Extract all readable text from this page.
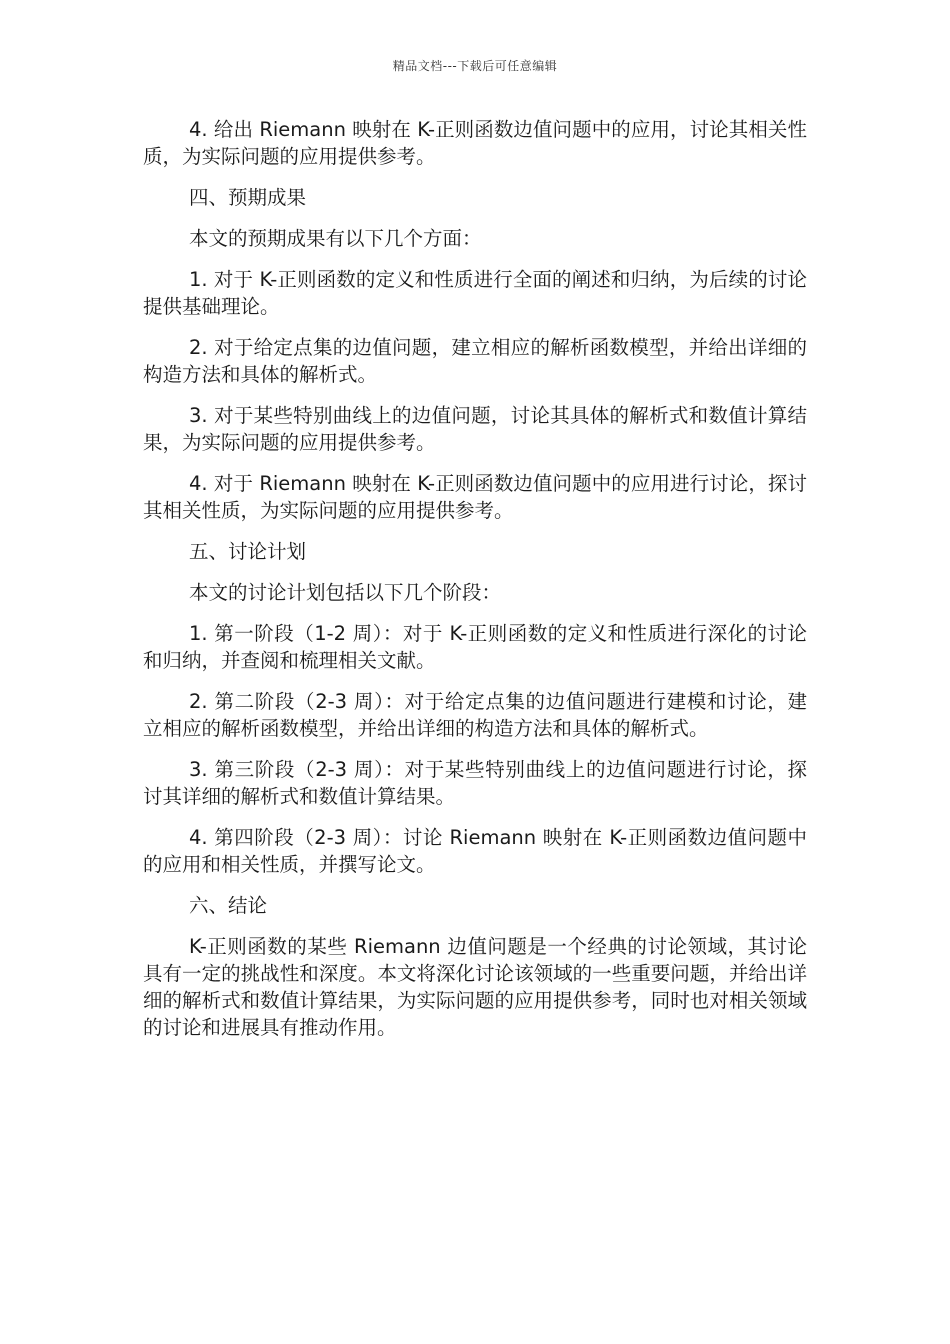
精品文档---下载后可任意编辑

4. 给出 Riemann 映射在 K-正则函数边值问题中的应用，讨论其相关性质，为实际问题的应用提供参考。

四、预期成果

本文的预期成果有以下几个方面：

1. 对于 K-正则函数的定义和性质进行全面的阐述和归纳，为后续的讨论提供基础理论。

2. 对于给定点集的边值问题，建立相应的解析函数模型，并给出详细的构造方法和具体的解析式。

3. 对于某些特别曲线上的边值问题，讨论其具体的解析式和数值计算结果，为实际问题的应用提供参考。

4. 对于 Riemann 映射在 K-正则函数边值问题中的应用进行讨论，探讨其相关性质，为实际问题的应用提供参考。

五、讨论计划

本文的讨论计划包括以下几个阶段：

1. 第一阶段（1-2 周）：对于 K-正则函数的定义和性质进行深化的讨论和归纳，并查阅和梳理相关文献。

2. 第二阶段（2-3 周）：对于给定点集的边值问题进行建模和讨论，建立相应的解析函数模型，并给出详细的构造方法和具体的解析式。

3. 第三阶段（2-3 周）：对于某些特别曲线上的边值问题进行讨论，探讨其详细的解析式和数值计算结果。

4. 第四阶段（2-3 周）：讨论 Riemann 映射在 K-正则函数边值问题中的应用和相关性质，并撰写论文。

六、结论

K-正则函数的某些 Riemann 边值问题是一个经典的讨论领域，其讨论具有一定的挑战性和深度。本文将深化讨论该领域的一些重要问题，并给出详细的解析式和数值计算结果，为实际问题的应用提供参考，同时也对相关领域的讨论和进展具有推动作用。
